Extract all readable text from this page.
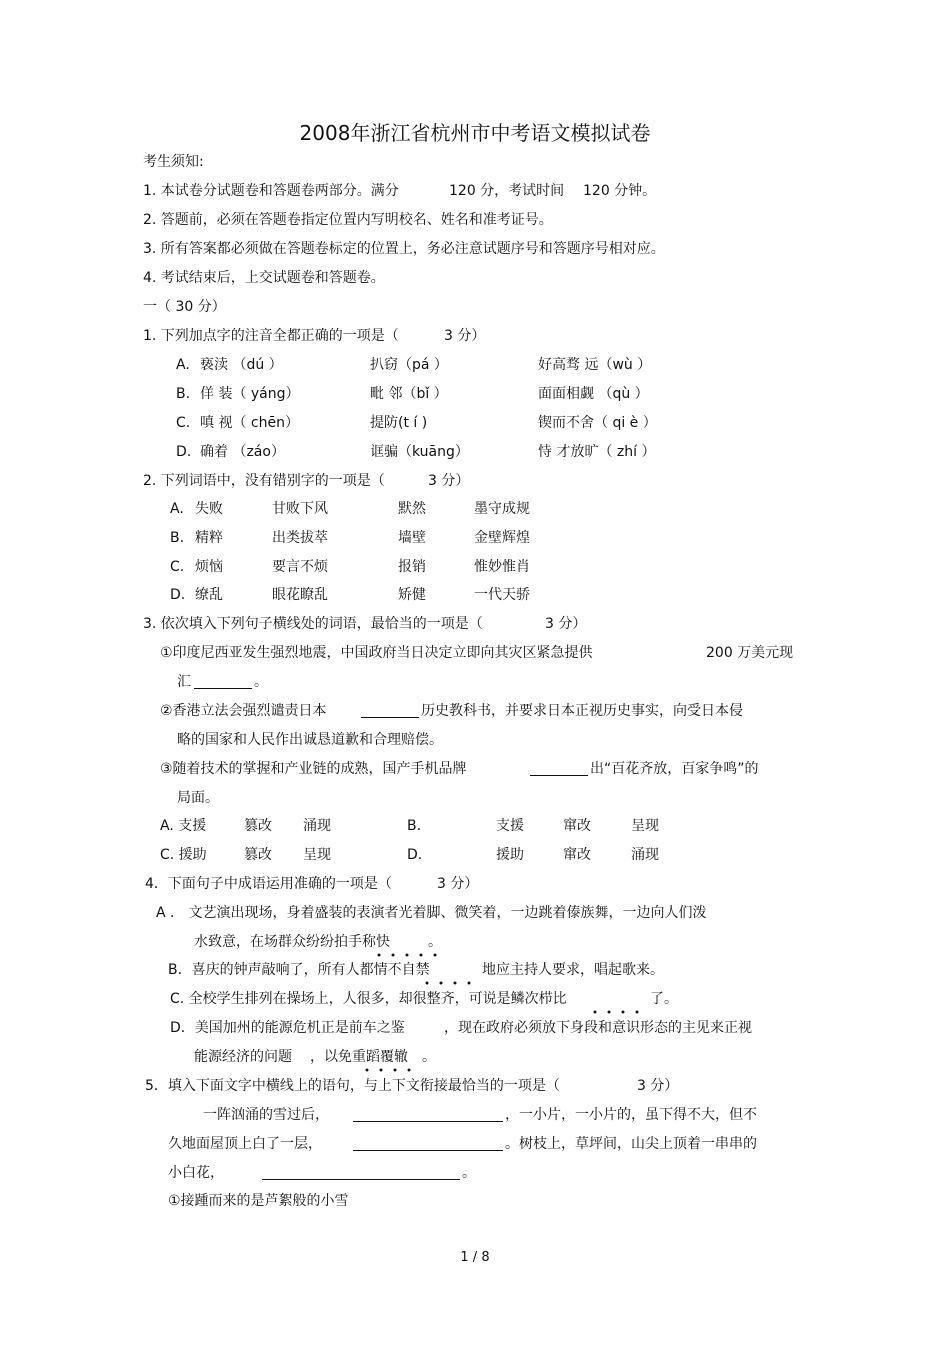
2008年浙江省杭州市中考语文模拟试卷
考生须知:
1. 本试卷分试题卷和答题卷两部分。满分	120 分，考试时间 120 分钟。
2. 答题前，必须在答题卷指定位置内写明校名、姓名和准考证号。
3. 所有答案都必须做在答题卷标定的位置上，务必注意试题序号和答题序号相对应。
4. 考试结束后，上交试题卷和答题卷。
一（ 30 分）
1. 下列加点字的注音全都正确的一项是（	3 分）
A. 亵渎 （dú ）	扒窃（pá ）	好高骛 远（wù ）
B. 佯 装（ yáng）	毗 邻（bǐ ）	面面相觑 （qù ）
C. 嗔 视（ chēn）	提防(t í )	锲而不舍（ qi è ）
D. 确着 （záo）	诓骗（kuāng）	恃 才放旷（ zhí ）
2. 下列词语中，没有错别字的一项是（	3 分）
A. 失败	甘败下风	默然	墨守成规
B. 精粹	出类拔萃	墙壁	金壁辉煌
C. 烦恼	要言不烦	报销	惟妙惟肖
D. 缭乱	眼花瞭乱	矫健	一代天骄
3. 依次填入下列句子横线处的词语，最恰当的一项是（	3 分）
①印度尼西亚发生强烈地震，中国政府当日决定立即向其灾区紧急提供	200 万美元现
汇	。
②香港立法会强烈谴责日本	历史教科书，并要求日本正视历史事实，向受日本侵
略的国家和人民作出诚恳道歉和合理赔偿。
③随着技术的掌握和产业链的成熟，国产手机品牌	出“百花齐放，百家争鸣”的
局面。
A. 支援	篡改 涌现	B.	支援	窜改	呈现
C. 援助	篡改 呈现	D.	援助	窜改	涌现
4．下面句子中成语运用准确的一项是（	3 分）
A ． 文艺演出现场，身着盛装的表演者光着脚、微笑着，一边跳着傣族舞，一边向人们泼
水致意，在场群众纷纷拍手称快	。
B．喜庆的钟声敲响了，所有人都情不自禁	地应主持人要求，唱起歌来。
C. 全校学生排列在操场上，人很多，却很整齐，可说是鳞次栉比	了。
D．美国加州的能源危机正是前车之鉴	，现在政府必须放下身段和意识形态的主见来正视
能源经济的问题 ，以免重蹈覆辙 。
5．填入下面文字中横线上的语句，与上下文衔接最恰当的一项是（	3 分）
一阵汹涌的雪过后，	，一小片，一小片的，虽下得不大，但不
久地面屋顶上白了一层，	。树枝上，草坪间，山尖上顶着一串串的
小白花，	。
①接踵而来的是芦絮般的小雪
1 / 8
